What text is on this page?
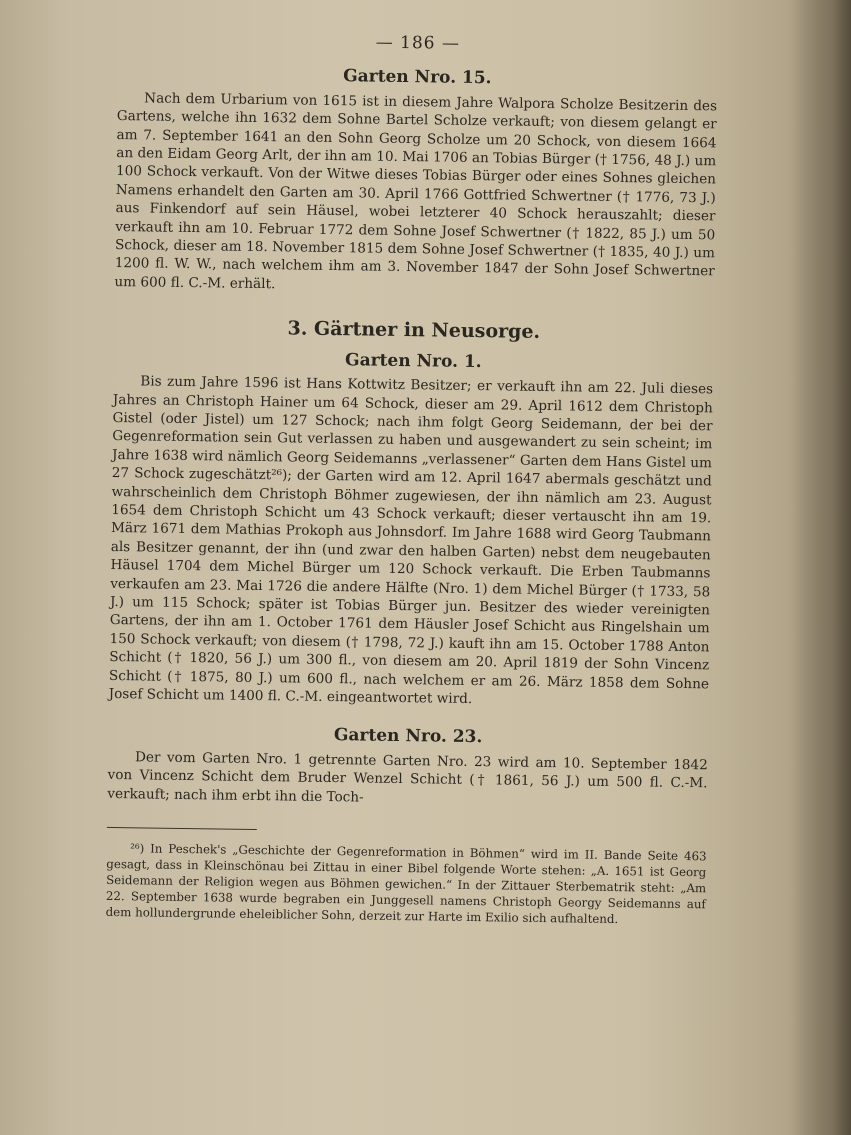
— 186 —
Garten Nro. 15.

Nach dem Urbarium von 1615 ist in diesem Jahre Walpora Scholze Besitzerin des Gartens, welche ihn 1632 dem Sohne Bartel Scholze verkauft; von diesem gelangt er am 7. September 1641 an den Sohn Georg Scholze um 20 Schock, von diesem 1664 an den Eidam Georg Arlt, der ihn am 10. Mai 1706 an Tobias Bürger († 1756, 48 J.) um 100 Schock verkauft. Von der Witwe dieses Tobias Bürger oder eines Sohnes gleichen Namens erhandelt den Garten am 30. April 1766 Gottfried Schwertner († 1776, 73 J.) aus Finkendorf auf sein Häusel, wobei letzterer 40 Schock herauszahlt; dieser verkauft ihn am 10. Februar 1772 dem Sohne Josef Schwertner († 1822, 85 J.) um 50 Schock, dieser am 18. November 1815 dem Sohne Josef Schwertner († 1835, 40 J.) um 1200 fl. W. W., nach welchem ihm am 3. November 1847 der Sohn Josef Schwertner um 600 fl. C.-M. erhält.

3. Gärtner in Neusorge.
Garten Nro. 1.

Bis zum Jahre 1596 ist Hans Kottwitz Besitzer; er verkauft ihn am 22. Juli dieses Jahres an Christoph Hainer um 64 Schock, dieser am 29. April 1612 dem Christoph Gistel (oder Jistel) um 127 Schock; nach ihm folgt Georg Seidemann, der bei der Gegenreformation sein Gut verlassen zu haben und ausgewandert zu sein scheint; im Jahre 1638 wird nämlich Georg Seidemanns „verlassener“ Garten dem Hans Gistel um 27 Schock zugeschätzt²⁶); der Garten wird am 12. April 1647 abermals geschätzt und wahrscheinlich dem Christoph Böhmer zugewiesen, der ihn nämlich am 23. August 1654 dem Christoph Schicht um 43 Schock verkauft; dieser vertauscht ihn am 19. März 1671 dem Mathias Prokoph aus Johnsdorf. Im Jahre 1688 wird Georg Taubmann als Besitzer genannt, der ihn (und zwar den halben Garten) nebst dem neugebauten Häusel 1704 dem Michel Bürger um 120 Schock verkauft. Die Erben Taubmanns verkaufen am 23. Mai 1726 die andere Hälfte (Nro. 1) dem Michel Bürger († 1733, 58 J.) um 115 Schock; später ist Tobias Bürger jun. Besitzer des wieder vereinigten Gartens, der ihn am 1. October 1761 dem Häusler Josef Schicht aus Ringelshain um 150 Schock verkauft; von diesem († 1798, 72 J.) kauft ihn am 15. October 1788 Anton Schicht († 1820, 56 J.) um 300 fl., von diesem am 20. April 1819 der Sohn Vincenz Schicht († 1875, 80 J.) um 600 fl., nach welchem er am 26. März 1858 dem Sohne Josef Schicht um 1400 fl. C.-M. eingeantwortet wird.

Garten Nro. 23.

Der vom Garten Nro. 1 getrennte Garten Nro. 23 wird am 10. September 1842 von Vincenz Schicht dem Bruder Wenzel Schicht († 1861, 56 J.) um 500 fl. C.-M. verkauft; nach ihm erbt ihn die Toch-

²⁶) In Peschek's „Geschichte der Gegenreformation in Böhmen“ wird im II. Bande Seite 463 gesagt, dass in Kleinschönau bei Zittau in einer Bibel folgende Worte stehen: „A. 1651 ist Georg Seidemann der Religion wegen aus Böhmen gewichen.“ In der Zittauer Sterbematrik steht: „Am 22. September 1638 wurde begraben ein Junggesell namens Christoph Georgy Seidemanns auf dem hollundergrunde eheleiblicher Sohn, derzeit zur Harte im Exilio sich aufhaltend.
